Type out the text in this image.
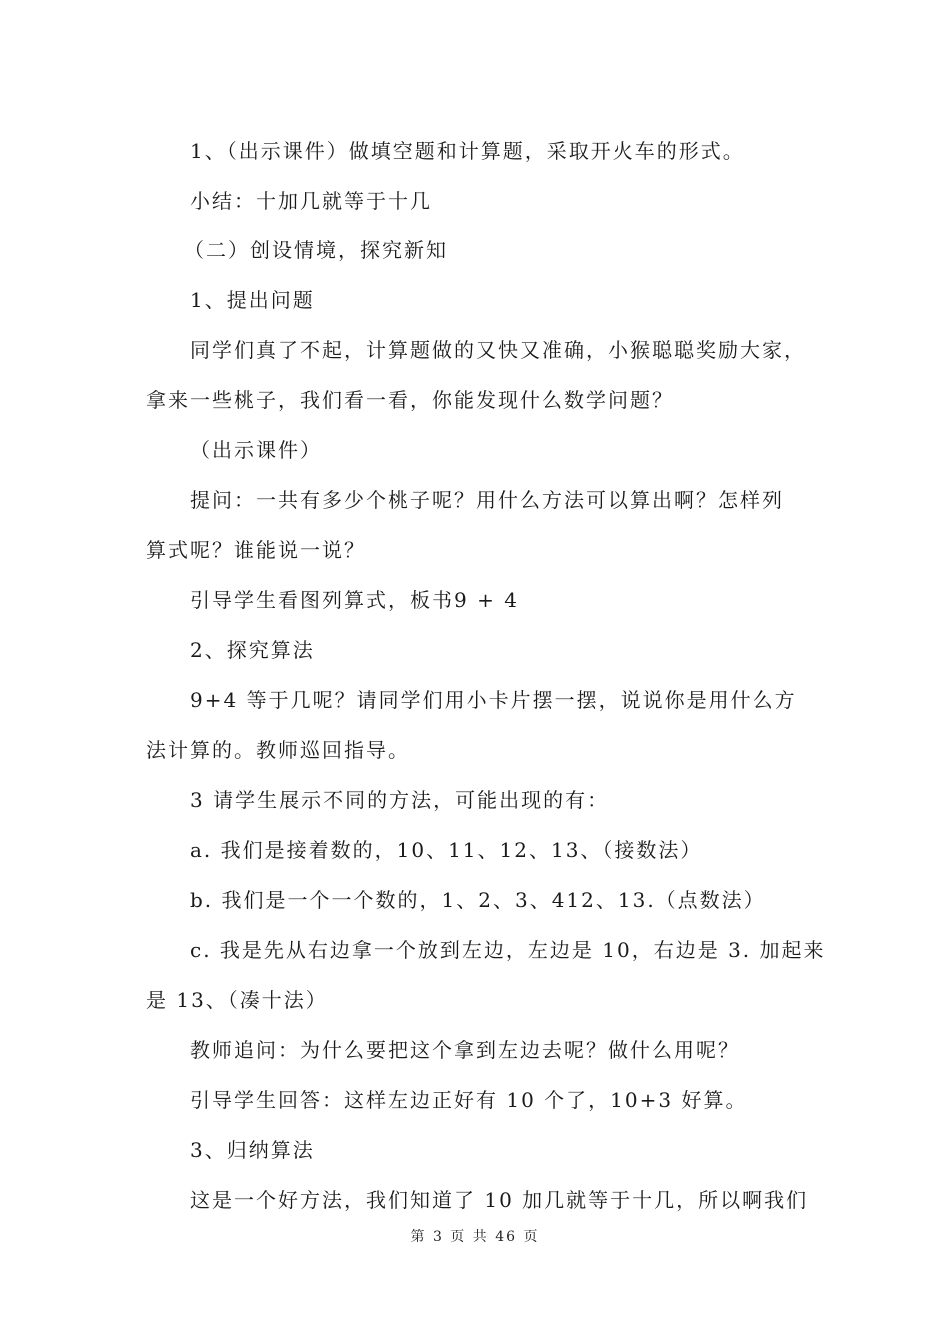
1、（出示课件）做填空题和计算题，采取开火车的形式。
小结：十加几就等于十几
（二）创设情境，探究新知
1、提出问题
同学们真了不起，计算题做的又快又准确，小猴聪聪奖励大家，
拿来一些桃子，我们看一看，你能发现什么数学问题？
（出示课件）
提问：一共有多少个桃子呢？用什么方法可以算出啊？怎样列
算式呢？谁能说一说？
引导学生看图列算式，板书9 + 4
2、探究算法
9+4 等于几呢？请同学们用小卡片摆一摆，说说你是用什么方
法计算的。教师巡回指导。
3 请学生展示不同的方法，可能出现的有：
a. 我们是接着数的，10、11、12、13、（接数法）
b. 我们是一个一个数的，1、2、3、412、13.（点数法）
c. 我是先从右边拿一个放到左边，左边是 10，右边是 3. 加起来
是 13、（凑十法）
教师追问：为什么要把这个拿到左边去呢？做什么用呢？
引导学生回答：这样左边正好有 10 个了，10+3 好算。
3、归纳算法
这是一个好方法，我们知道了 10 加几就等于十几，所以啊我们
第 3 页 共 46 页
